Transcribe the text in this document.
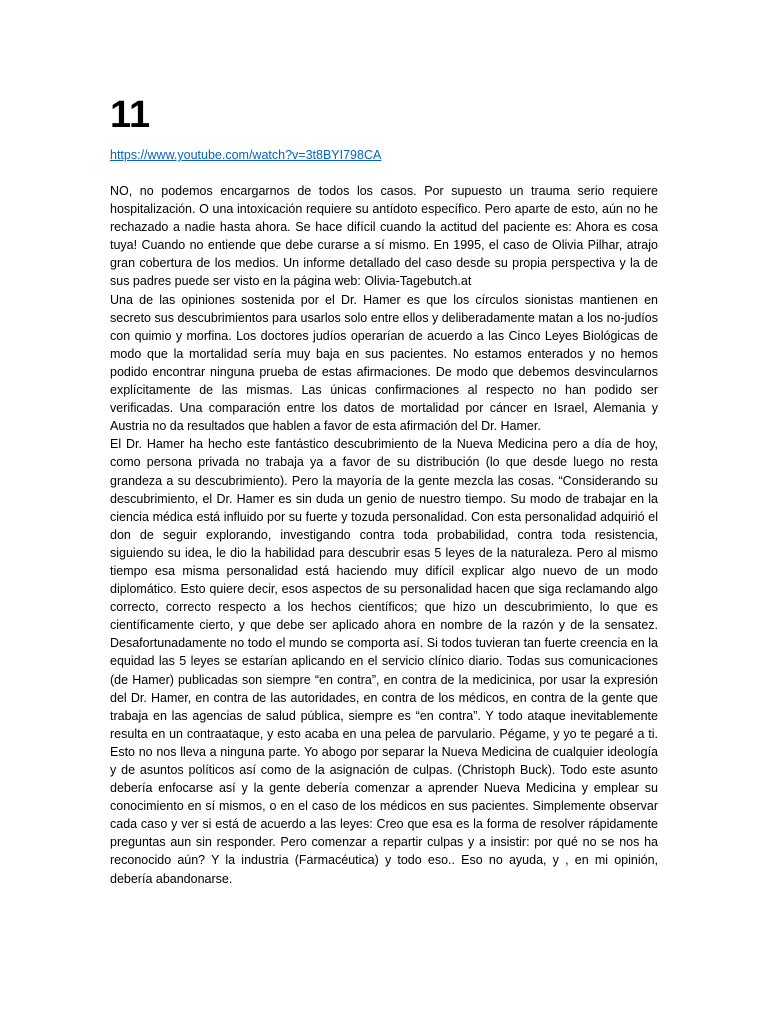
11
https://www.youtube.com/watch?v=3t8BYI798CA

NO, no podemos encargarnos de todos los casos. Por supuesto un trauma serio requiere hospitalización. O una intoxicación requiere su antídoto específico. Pero aparte de esto, aún no he rechazado a nadie hasta ahora. Se hace difícil cuando la actitud del paciente es: Ahora es cosa tuya! Cuando no entiende que debe curarse a sí mismo. En 1995, el caso de Olivia Pilhar, atrajo gran cobertura de los medios. Un informe detallado del caso desde su propia perspectiva y la de sus padres puede ser visto en la página web: Olivia-Tagebutch.at

Una de las opiniones sostenida por el Dr. Hamer es que los círculos sionistas mantienen en secreto sus descubrimientos para usarlos solo entre ellos y deliberadamente matan a los no-judíos con quimio y morfina. Los doctores judíos operarían de acuerdo a las Cinco Leyes Biológicas de modo que la mortalidad sería muy baja en sus pacientes. No estamos enterados y no hemos podido encontrar ninguna prueba de estas afirmaciones. De modo que debemos desvincularnos explícitamente de las mismas. Las únicas confirmaciones al respecto no han podido ser verificadas. Una comparación entre los datos de mortalidad por cáncer en Israel, Alemania y Austria no da resultados que hablen a favor de esta afirmación del Dr. Hamer.

El Dr. Hamer ha hecho este fantástico descubrimiento de la Nueva Medicina pero a día de hoy, como persona privada no trabaja ya a favor de su distribución (lo que desde luego no resta grandeza a su descubrimiento). Pero la mayoría de la gente mezcla las cosas. “Considerando su descubrimiento, el Dr. Hamer es sin duda un genio de nuestro tiempo. Su modo de trabajar en la ciencia médica está influido por su fuerte y tozuda personalidad. Con esta personalidad adquirió el don de seguir explorando, investigando contra toda probabilidad, contra toda resistencia, siguiendo su idea, le dio la habilidad para descubrir esas 5 leyes de la naturaleza. Pero al mismo tiempo esa misma personalidad está haciendo muy difícil explicar algo nuevo de un modo diplomático. Esto quiere decir, esos aspectos de su personalidad hacen que siga reclamando algo correcto, correcto respecto a los hechos científicos; que hizo un descubrimiento, lo que es científicamente cierto, y que debe ser aplicado ahora en nombre de la razón y de la sensatez. Desafortunadamente no todo el mundo se comporta así. Si todos tuvieran tan fuerte creencia en la equidad las 5 leyes se estarían aplicando en el servicio clínico diario. Todas sus comunicaciones (de Hamer) publicadas son siempre “en contra”, en contra de la medicinica, por usar la expresión del Dr. Hamer, en contra de las autoridades, en contra de los médicos, en contra de la gente que trabaja en las agencias de salud pública, siempre es “en contra”. Y todo ataque inevitablemente resulta en un contraataque, y esto acaba en una pelea de parvulario. Pégame, y yo te pegaré a ti. Esto no nos lleva a ninguna parte. Yo abogo por separar la Nueva Medicina de cualquier ideología y de asuntos políticos así como de la asignación de culpas. (Christoph Buck). Todo este asunto debería enfocarse así y la gente debería comenzar a aprender Nueva Medicina y emplear su conocimiento en sí mismos, o en el caso de los médicos en sus pacientes. Simplemente observar cada caso y ver si está de acuerdo a las leyes: Creo que esa es la forma de resolver rápidamente preguntas aun sin responder. Pero comenzar a repartir culpas y a insistir: por qué no se nos ha reconocido aún? Y la industria (Farmacéutica) y todo eso.. Eso no ayuda, y , en mi opinión, debería abandonarse.
